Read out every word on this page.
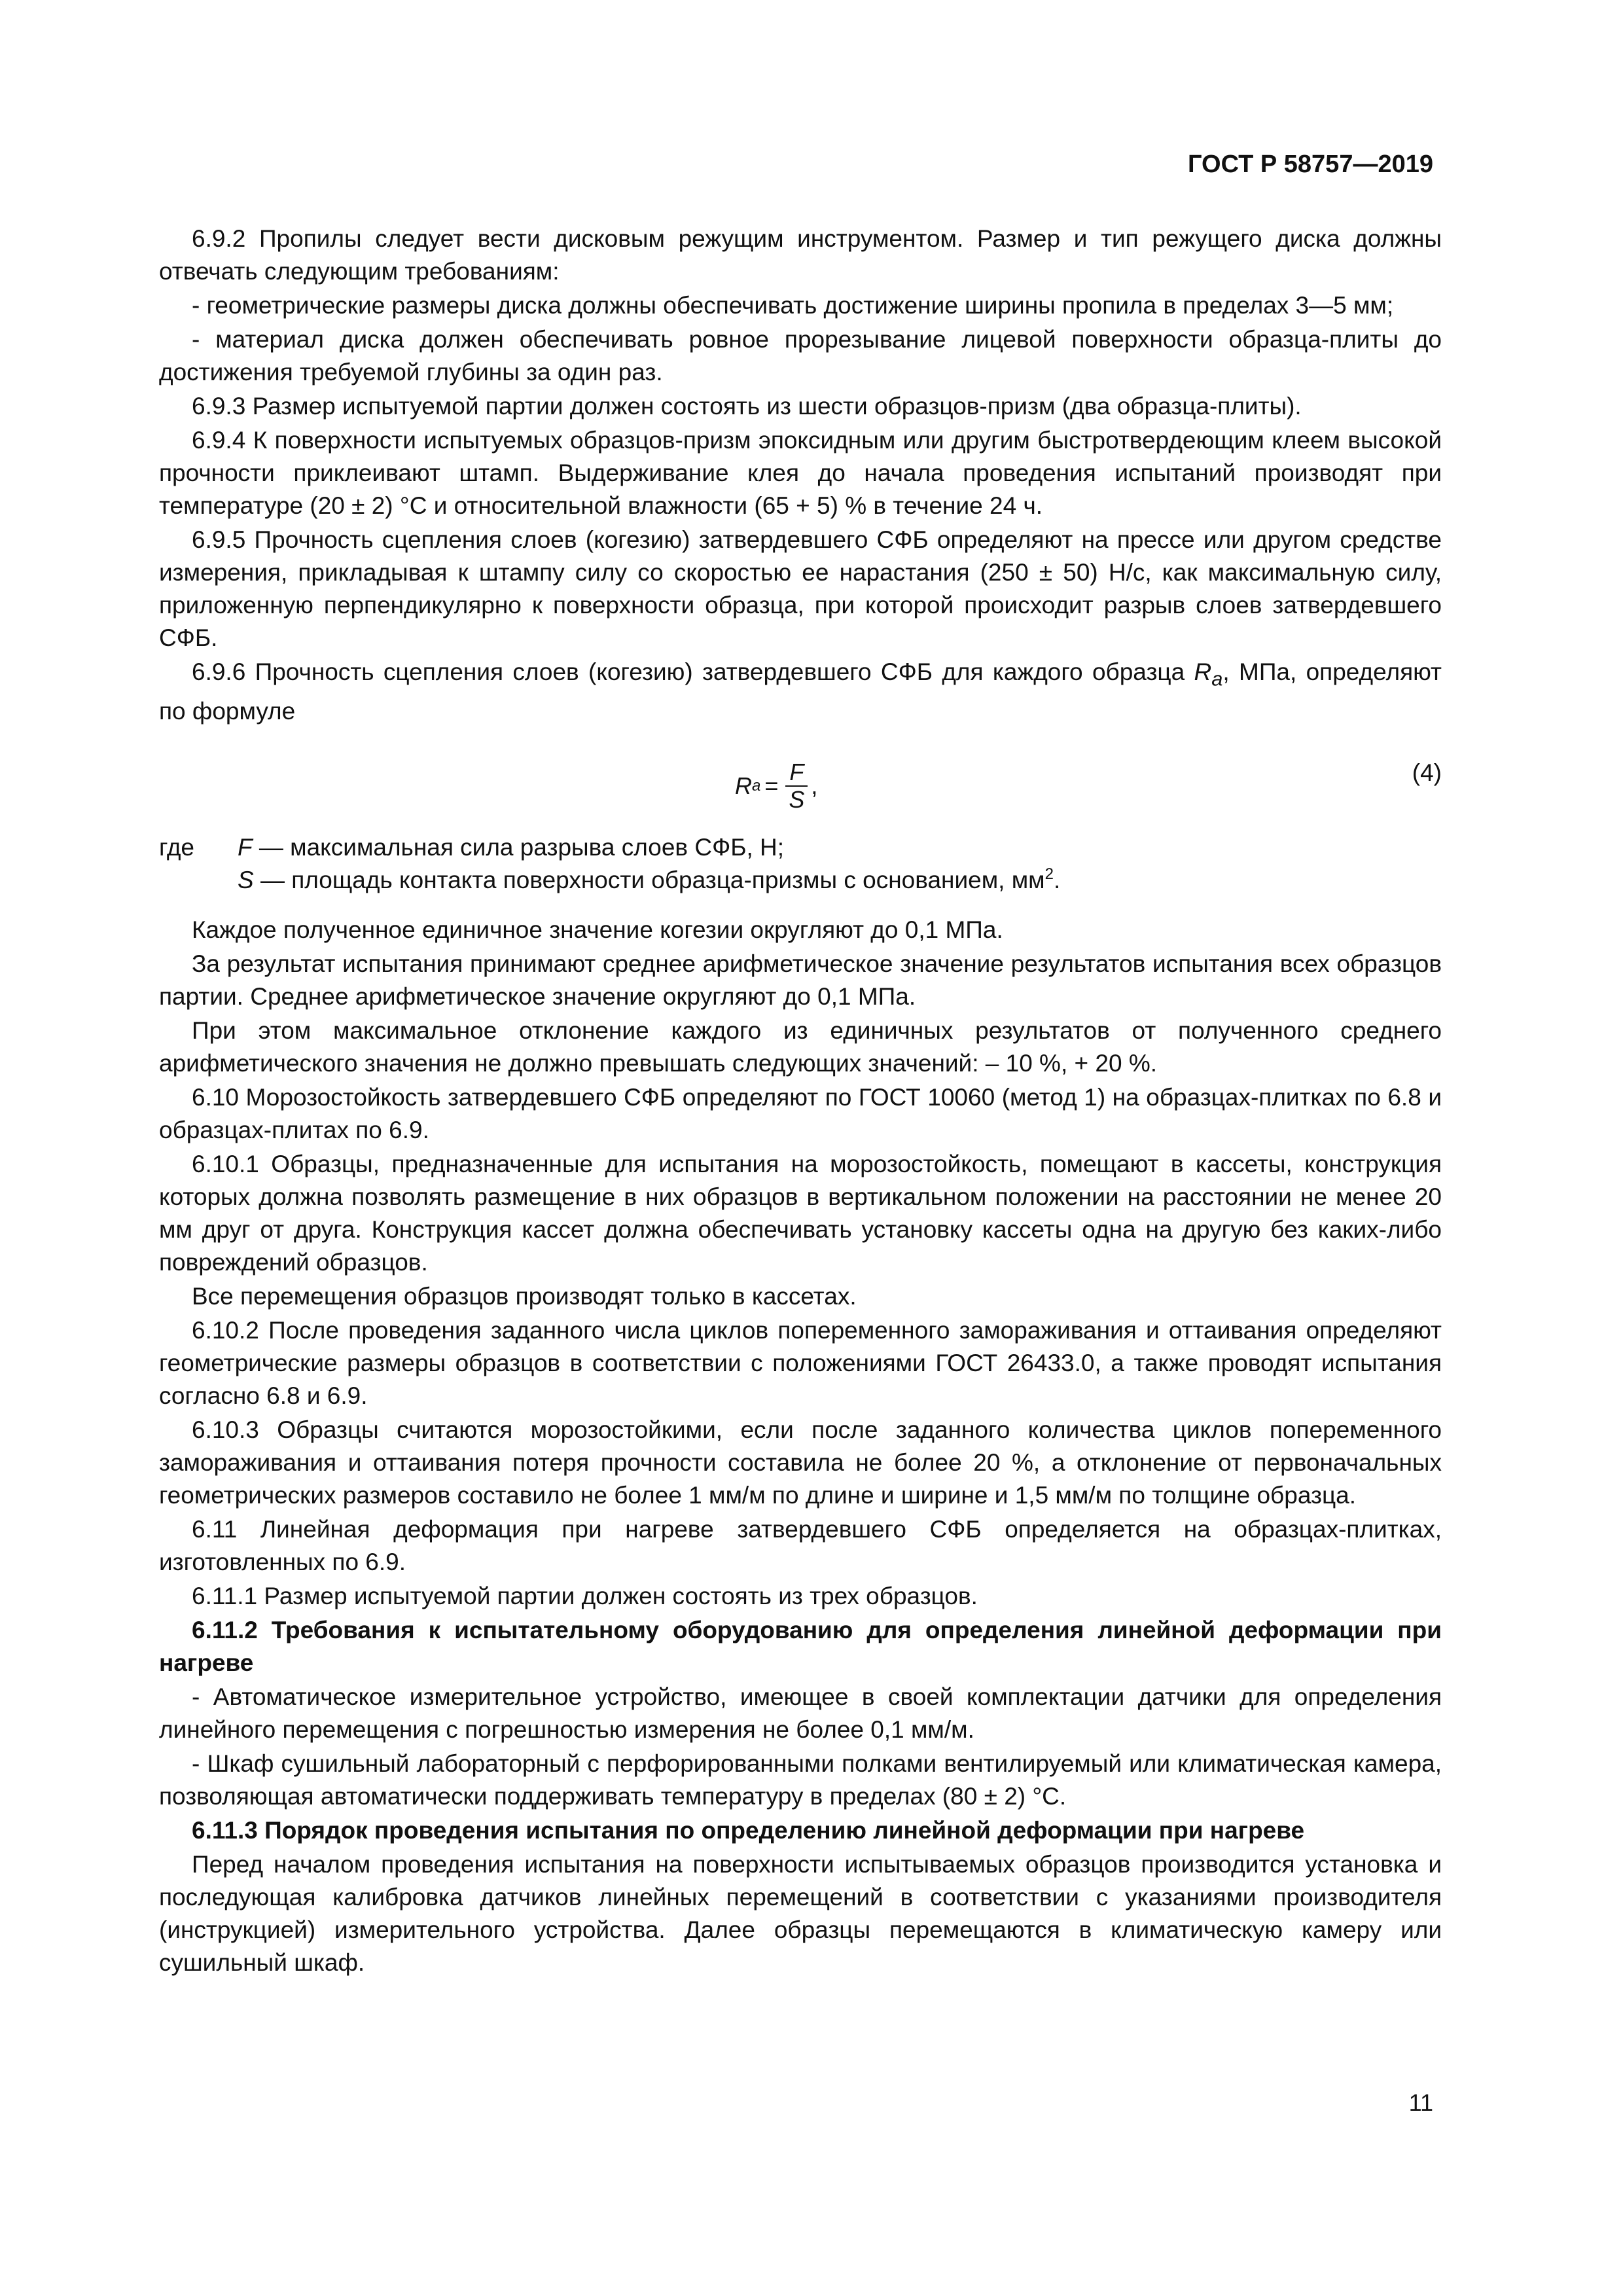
ГОСТ Р 58757—2019

6.9.2 Пропилы следует вести дисковым режущим инструментом. Размер и тип режущего диска должны отвечать следующим требованиям:

- геометрические размеры диска должны обеспечивать достижение ширины пропила в пределах 3—5 мм;

- материал диска должен обеспечивать ровное прорезывание лицевой поверхности образца-плиты до достижения требуемой глубины за один раз.

6.9.3 Размер испытуемой партии должен состоять из шести образцов-призм (два образца-плиты).

6.9.4 К поверхности испытуемых образцов-призм эпоксидным или другим быстротвердеющим клеем высокой прочности приклеивают штамп. Выдерживание клея до начала проведения испытаний производят при температуре (20 ± 2) °С и относительной влажности (65 + 5) % в течение 24 ч.

6.9.5 Прочность сцепления слоев (когезию) затвердевшего СФБ определяют на прессе или другом средстве измерения, прикладывая к штампу силу со скоростью ее нарастания (250 ± 50) Н/с, как максимальную силу, приложенную перпендикулярно к поверхности образца, при которой происходит разрыв слоев затвердевшего СФБ.

6.9.6 Прочность сцепления слоев (когезию) затвердевшего СФБ для каждого образца $R_a$, МПа, определяют по формуле

R $a = \frac{F}{S}$ ,	(4)
где	F — максимальная сила разрыва слоев СФБ, Н;
S — площадь контакта поверхности образца-призмы с основанием, $мм^2$.

Каждое полученное единичное значение когезии округляют до 0,1 МПа.

За результат испытания принимают среднее арифметическое значение результатов испытания всех образцов партии. Среднее арифметическое значение округляют до 0,1 МПа.

При этом максимальное отклонение каждого из единичных результатов от полученного среднего арифметического значения не должно превышать следующих значений: – 10 %, + 20 %.

6.10 Морозостойкость затвердевшего СФБ определяют по ГОСТ 10060 (метод 1) на образцах-плитках по 6.8 и образцах-плитах по 6.9.

6.10.1 Образцы, предназначенные для испытания на морозостойкость, помещают в кассеты, конструкция которых должна позволять размещение в них образцов в вертикальном положении на расстоянии не менее 20 мм друг от друга. Конструкция кассет должна обеспечивать установку кассеты одна на другую без каких-либо повреждений образцов.

Все перемещения образцов производят только в кассетах.

6.10.2 После проведения заданного числа циклов попеременного замораживания и оттаивания определяют геометрические размеры образцов в соответствии с положениями ГОСТ 26433.0, а также проводят испытания согласно 6.8 и 6.9.

6.10.3 Образцы считаются морозостойкими, если после заданного количества циклов попеременного замораживания и оттаивания потеря прочности составила не более 20 %, а отклонение от первоначальных геометрических размеров составило не более 1 мм/м по длине и ширине и 1,5 мм/м по толщине образца.

6.11 Линейная деформация при нагреве затвердевшего СФБ определяется на образцах-плитках, изготовленных по 6.9.

6.11.1 Размер испытуемой партии должен состоять из трех образцов.

6.11.2 Требования к испытательному оборудованию для определения линейной деформации при нагреве

- Автоматическое измерительное устройство, имеющее в своей комплектации датчики для определения линейного перемещения с погрешностью измерения не более 0,1 мм/м.

- Шкаф сушильный лабораторный с перфорированными полками вентилируемый или климатическая камера, позволяющая автоматически поддерживать температуру в пределах (80 ± 2) °С.

6.11.3 Порядок проведения испытания по определению линейной деформации при нагреве

Перед началом проведения испытания на поверхности испытываемых образцов производится установка и последующая калибровка датчиков линейных перемещений в соответствии с указаниями производителя (инструкцией) измерительного устройства. Далее образцы перемещаются в климатическую камеру или сушильный шкаф.

11
